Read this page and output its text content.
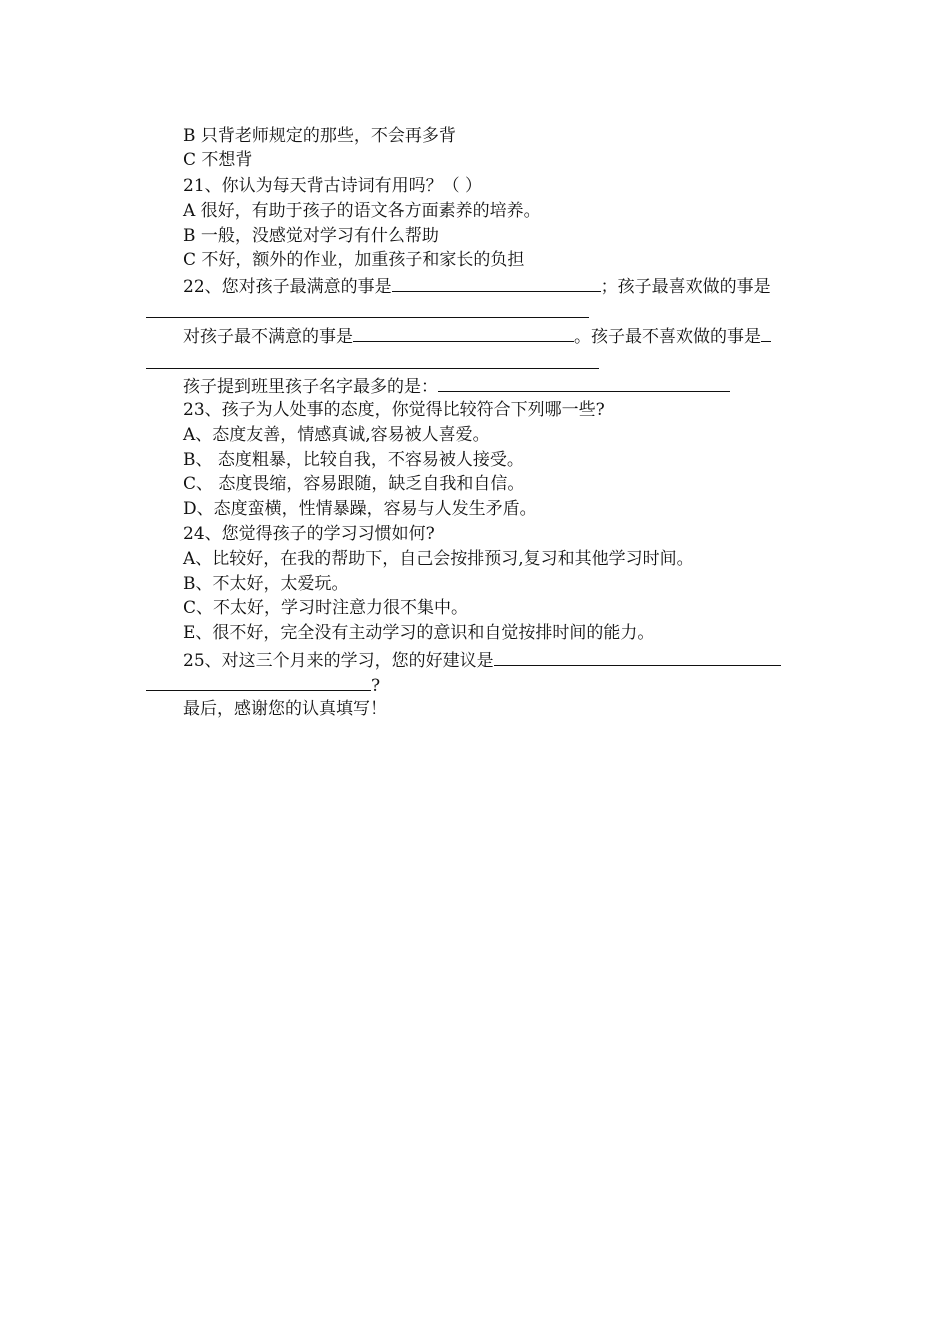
B 只背老师规定的那些，不会再多背
C 不想背
21、你认为每天背古诗词有用吗？（ ）
A 很好，有助于孩子的语文各方面素养的培养。
B 一般，没感觉对学习有什么帮助
C 不好，额外的作业，加重孩子和家长的负担
22、您对孩子最满意的事是	；孩子最喜欢做的事是
对孩子最不满意的事是	。孩子最不喜欢做的事是
孩子提到班里孩子名字最多的是：
23、孩子为人处事的态度，你觉得比较符合下列哪一些?
A、态度友善，情感真诚,容易被人喜爱。
B、 态度粗暴，比较自我，不容易被人接受。
C、 态度畏缩，容易跟随，缺乏自我和自信。
D、态度蛮横，性情暴躁，容易与人发生矛盾。
24、您觉得孩子的学习习惯如何?
A、比较好，在我的帮助下，自己会按排预习,复习和其他学习时间。
B、不太好，太爱玩。
C、不太好，学习时注意力很不集中。
E、很不好，完全没有主动学习的意识和自觉按排时间的能力。
25、对这三个月来的学习，您的好建议是
?
最后，感谢您的认真填写！
